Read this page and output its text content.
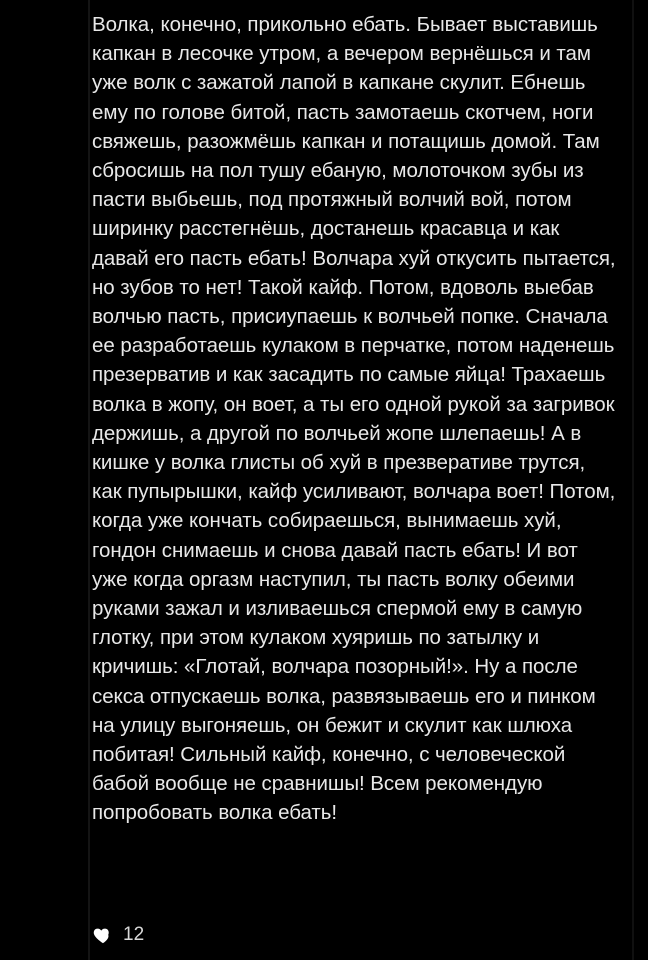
Волка, конечно, прикольно ебать. Бывает выставишь капкан в лесочке утром, а вечером вернёшься и там уже волк с зажатой лапой в капкане скулит. Ебнешь ему по голове битой, пасть замотаешь скотчем, ноги свяжешь, разожмёшь капкан и потащишь домой. Там сбросишь на пол тушу ебаную, молоточком зубы из пасти выбьешь, под протяжный волчий вой, потом ширинку расстегнёшь, достанешь красавца и как давай его пасть ебать! Волчара хуй откусить пытается, но зубов то нет! Такой кайф. Потом, вдоволь выебав волчью пасть, присиупаешь к волчьей попке. Сначала ее разработаешь кулаком в перчатке, потом наденешь презерватив и как засадить по самые яйца! Трахаешь волка в жопу, он воет, а ты его одной рукой за загривок держишь, а другой по волчьей жопе шлепаешь! А в кишке у волка глисты об хуй в презверативе трутся, как пупырышки, кайф усиливают, волчара воет! Потом, когда уже кончать собираешься, вынимаешь хуй, гондон снимаешь и снова давай пасть ебать! И вот уже когда оргазм наступил, ты пасть волку обеими руками зажал и изливаешься спермой ему в самую глотку, при этом кулаком хуяришь по затылку и кричишь: «Глотай, волчара позорный!». Ну а после секса отпускаешь волка, развязываешь его и пинком на улицу выгоняешь, он бежит и скулит как шлюха побитая! Сильный кайф, конечно, с человеческой бабой вообще не сравнишы! Всем рекомендую попробовать волка ебать!
12
